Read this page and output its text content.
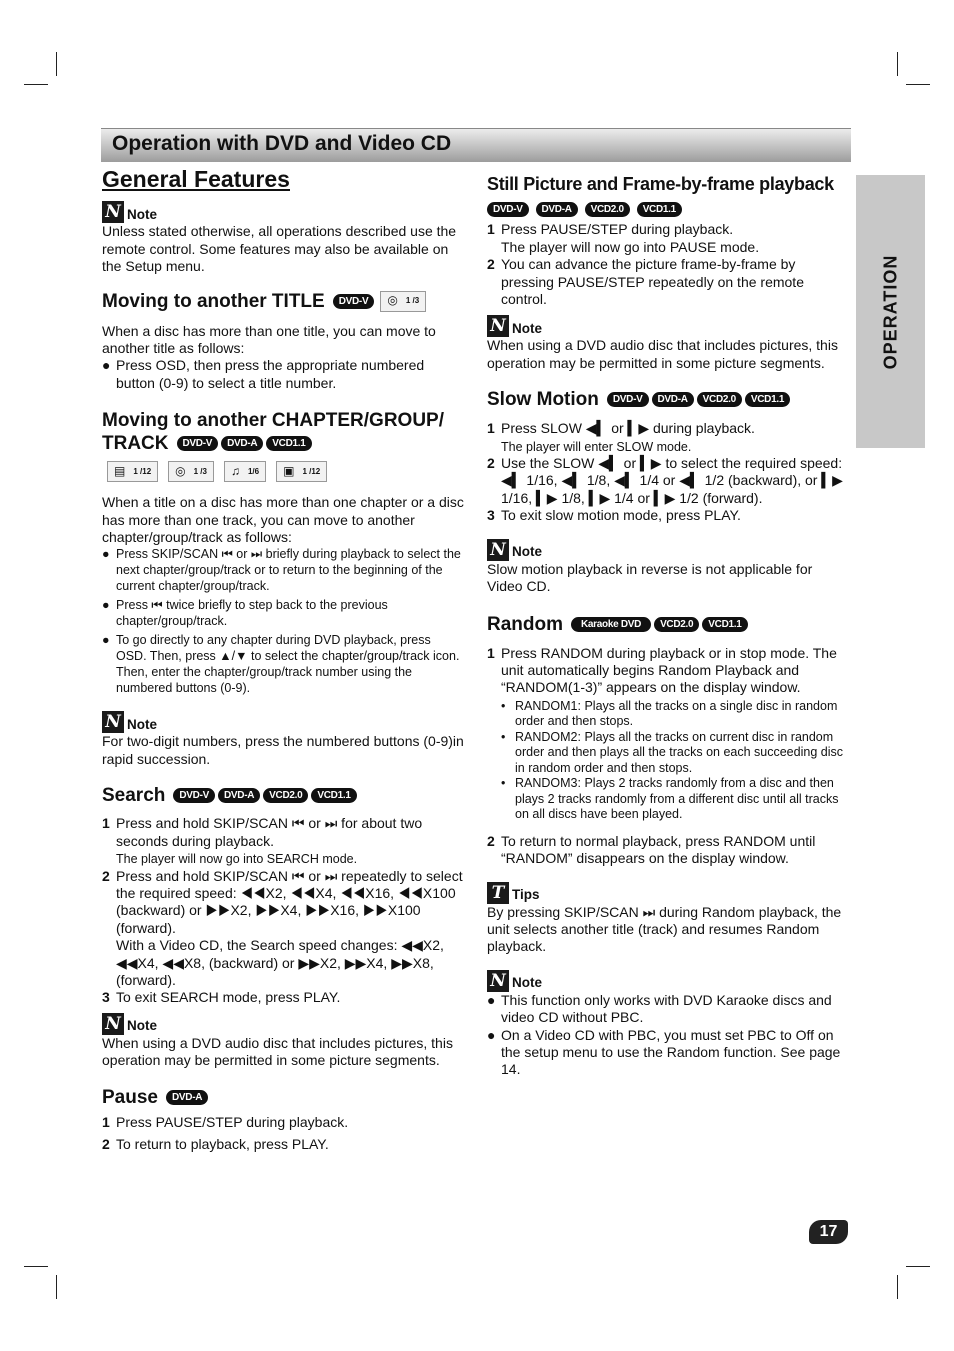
Operation with DVD and Video CD
OPERATION
General Features
N Note

Unless stated otherwise, all operations described use the remote control. Some features may also be available on the Setup menu.

Moving to another TITLE	DVD-V	◎ 1 /3

When a disc has more than one title, you can move to another title as follows:

● Press OSD, then press the appropriate numbered button (0-9) to select a title number.

Moving to another CHAPTER/GROUP/

TRACK	DVD-V	DVD-A	VCD1.1
▤ 1 /12 ◎ 1 /3 ♫ 1/6 ▣ 1 /12

When a title on a disc has more than one chapter or a disc has more than one track, you can move to another chapter/group/track as follows:

● Press SKIP/SCAN ⏮ or ⏭ briefly during playback to select the next chapter/group/track or to return to the beginning of the current chapter/group/track.
● Press ⏮ twice briefly to step back to the previous chapter/group/track.
● To go directly to any chapter during DVD playback, press OSD. Then, press ▲/▼ to select the chapter/group/track icon. Then, enter the chapter/group/track number using the numbered buttons (0-9).
N Note

For two-digit numbers, press the numbered buttons (0-9)in rapid succession.

Search	DVD-V	DVD-A	VCD2.0	VCD1.1
1 Press and hold SKIP/SCAN ⏮ or ⏭ for about two seconds during playback.
The player will now go into SEARCH mode.
2 Press and hold SKIP/SCAN ⏮ or ⏭ repeatedly to select the required speed: ◀◀X2, ◀◀X4, ◀◀X16, ◀◀X100 (backward) or ▶▶X2, ▶▶X4, ▶▶X16, ▶▶X100 (forward).
With a Video CD, the Search speed changes: ◀◀X2, ◀◀X4, ◀◀X8, (backward) or ▶▶X2, ▶▶X4, ▶▶X8, (forward).
3 To exit SEARCH mode, press PLAY.
N Note

When using a DVD audio disc that includes pictures, this operation may be permitted in some picture segments.

Pause	DVD-A
1 Press PAUSE/STEP during playback.
2 To return to playback, press PLAY.

Still Picture and Frame-by-frame playback

DVD-V DVD-A VCD2.0 VCD1.1
1 Press PAUSE/STEP during playback.
The player will now go into PAUSE mode.
2 You can advance the picture frame-by-frame by pressing PAUSE/STEP repeatedly on the remote control.
N Note

When using a DVD audio disc that includes pictures, this operation may be permitted in some picture segments.

Slow Motion	DVD-V	DVD-A	VCD2.0	VCD1.1
1 Press SLOW ◀▍ or ▍▶ during playback.
The player will enter SLOW mode.
2 Use the SLOW ◀▍ or ▍▶ to select the required speed: ◀▍ 1/16, ◀▍ 1/8, ◀▍ 1/4 or ◀▍ 1/2 (backward), or ▍▶ 1/16, ▍▶ 1/8, ▍▶ 1/4 or ▍▶ 1/2 (forward).
3 To exit slow motion mode, press PLAY.
N Note

Slow motion playback in reverse is not applicable for Video CD.

Random	Karaoke DVD	VCD2.0	VCD1.1
1 Press RANDOM during playback or in stop mode. The unit automatically begins Random Playback and “RANDOM(1-3)” appears on the display window.
• RANDOM1: Plays all the tracks on a single disc in random order and then stops.
• RANDOM2: Plays all the tracks on current disc in random order and then plays all the tracks on each succeeding disc in random order and then stops.
• RANDOM3: Plays 2 tracks randomly from a disc and then plays 2 tracks randomly from a different disc until all tracks on all discs have been played.
2 To return to normal playback, press RANDOM until “RANDOM” disappears on the display window.
T Tips

By pressing SKIP/SCAN ⏭ during Random playback, the unit selects another title (track) and resumes Random playback.

N Note
● This function only works with DVD Karaoke discs and video CD without PBC.
● On a Video CD with PBC, you must set PBC to Off on the setup menu to use the Random function. See page 14.
17
